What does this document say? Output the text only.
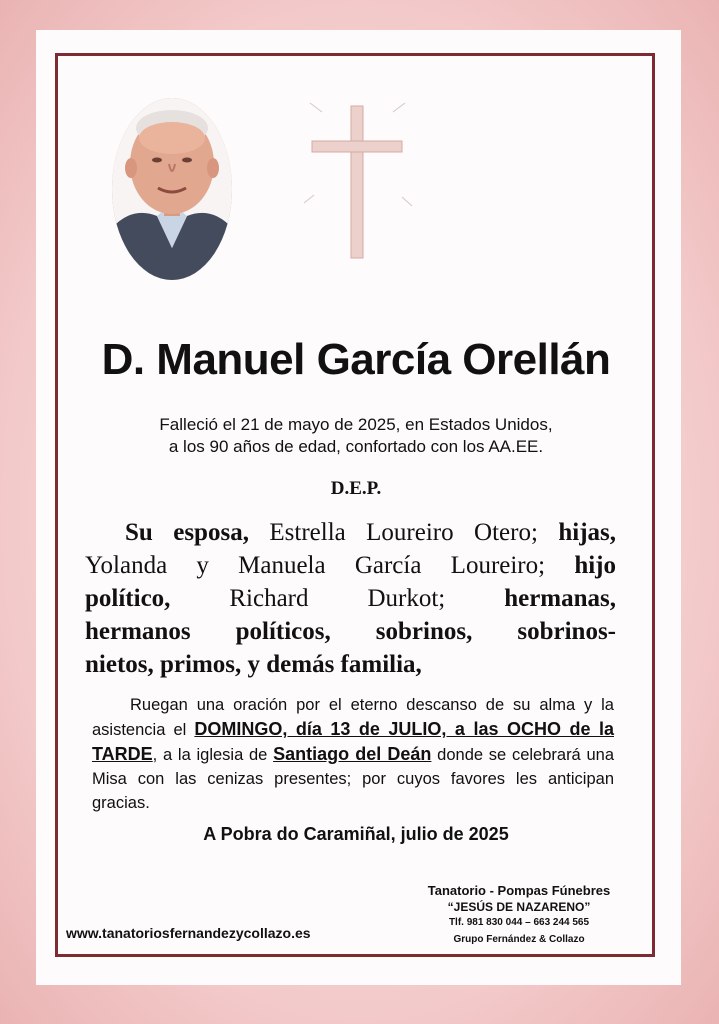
D. Manuel García Orellán
Falleció el 21 de mayo de 2025, en Estados Unidos,
a los 90 años de edad, confortado con los AA.EE.
D.E.P.
Su esposa, Estrella Loureiro Otero; hijas,
Yolanda y Manuela García Loureiro; hijo
político, Richard Durkot; hermanas,
hermanos políticos, sobrinos, sobrinos-
nietos, primos, y demás familia,
Ruegan una oración por el eterno descanso de su alma y la asistencia el DOMINGO, día 13 de JULIO, a las OCHO de la TARDE, a la iglesia de Santiago del Deán donde se celebrará una Misa con las cenizas presentes; por cuyos favores les anticipan gracias.
A Pobra do Caramiñal, julio de 2025
www.tanatoriosfernandezycollazo.es
Tanatorio - Pompas Fúnebres
“JESÚS DE NAZARENO”
Tlf. 981 830 044 – 663 244 565
Grupo Fernández & Collazo
